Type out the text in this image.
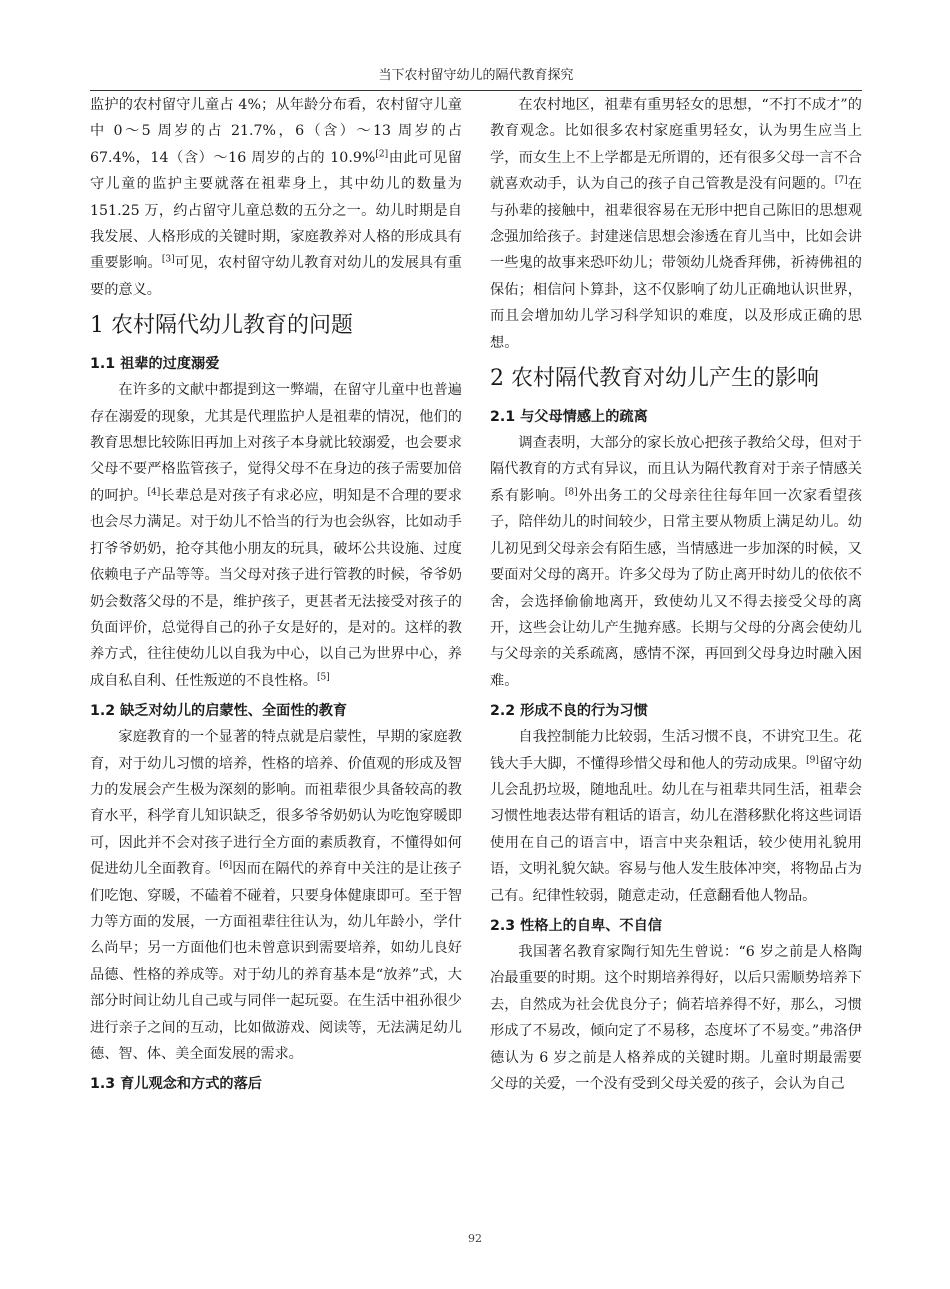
当下农村留守幼儿的隔代教育探究

监护的农村留守儿童占 4%；从年龄分布看，农村留守儿童中 0～5 周岁的占 21.7%，6（含）～13 周岁的占 67.4%，14（含）～16 周岁的占的 10.9%[2]由此可见留守儿童的监护主要就落在祖辈身上，其中幼儿的数量为 151.25 万，约占留守儿童总数的五分之一。幼儿时期是自我发展、人格形成的关键时期，家庭教养对人格的形成具有重要影响。[3]可见，农村留守幼儿教育对幼儿的发展具有重要的意义。

1 农村隔代幼儿教育的问题
1.1 祖辈的过度溺爱

在许多的文献中都提到这一弊端，在留守儿童中也普遍存在溺爱的现象，尤其是代理监护人是祖辈的情况，他们的教育思想比较陈旧再加上对孩子本身就比较溺爱，也会要求父母不要严格监管孩子，觉得父母不在身边的孩子需要加倍的呵护。[4]长辈总是对孩子有求必应，明知是不合理的要求也会尽力满足。对于幼儿不恰当的行为也会纵容，比如动手打爷爷奶奶，抢夺其他小朋友的玩具，破坏公共设施、过度依赖电子产品等等。当父母对孩子进行管教的时候，爷爷奶奶会数落父母的不是，维护孩子，更甚者无法接受对孩子的负面评价，总觉得自己的孙子女是好的，是对的。这样的教养方式，往往使幼儿以自我为中心，以自己为世界中心，养成自私自利、任性叛逆的不良性格。[5]

1.2 缺乏对幼儿的启蒙性、全面性的教育

家庭教育的一个显著的特点就是启蒙性，早期的家庭教育，对于幼儿习惯的培养，性格的培养、价值观的形成及智力的发展会产生极为深刻的影响。而祖辈很少具备较高的教育水平，科学育儿知识缺乏，很多爷爷奶奶认为吃饱穿暖即可，因此并不会对孩子进行全方面的素质教育，不懂得如何促进幼儿全面教育。[6]因而在隔代的养育中关注的是让孩子们吃饱、穿暖，不磕着不碰着，只要身体健康即可。至于智力等方面的发展，一方面祖辈往往认为，幼儿年龄小，学什么尚早；另一方面他们也未曾意识到需要培养，如幼儿良好品德、性格的养成等。对于幼儿的养育基本是“放养”式，大部分时间让幼儿自己或与同伴一起玩耍。在生活中祖孙很少进行亲子之间的互动，比如做游戏、阅读等，无法满足幼儿德、智、体、美全面发展的需求。

1.3 育儿观念和方式的落后

在农村地区，祖辈有重男轻女的思想，“不打不成才”的教育观念。比如很多农村家庭重男轻女，认为男生应当上学，而女生上不上学都是无所谓的，还有很多父母一言不合就喜欢动手，认为自己的孩子自己管教是没有问题的。[7]在与孙辈的接触中，祖辈很容易在无形中把自己陈旧的思想观念强加给孩子。封建迷信思想会渗透在育儿当中，比如会讲一些鬼的故事来恐吓幼儿；带领幼儿烧香拜佛，祈祷佛祖的保佑；相信问卜算卦，这不仅影响了幼儿正确地认识世界，而且会增加幼儿学习科学知识的难度，以及形成正确的思想。

2 农村隔代教育对幼儿产生的影响
2.1 与父母情感上的疏离

调查表明，大部分的家长放心把孩子教给父母，但对于隔代教育的方式有异议，而且认为隔代教育对于亲子情感关系有影响。[8]外出务工的父母亲往往每年回一次家看望孩子，陪伴幼儿的时间较少，日常主要从物质上满足幼儿。幼儿初见到父母亲会有陌生感，当情感进一步加深的时候，又要面对父母的离开。许多父母为了防止离开时幼儿的依依不舍，会选择偷偷地离开，致使幼儿又不得去接受父母的离开，这些会让幼儿产生抛弃感。长期与父母的分离会使幼儿与父母亲的关系疏离，感情不深，再回到父母身边时融入困难。

2.2 形成不良的行为习惯

自我控制能力比较弱，生活习惯不良，不讲究卫生。花钱大手大脚，不懂得珍惜父母和他人的劳动成果。[9]留守幼儿会乱扔垃圾，随地乱吐。幼儿在与祖辈共同生活，祖辈会习惯性地表达带有粗话的语言，幼儿在潜移默化将这些词语使用在自己的语言中，语言中夹杂粗话，较少使用礼貌用语，文明礼貌欠缺。容易与他人发生肢体冲突，将物品占为己有。纪律性较弱，随意走动，任意翻看他人物品。

2.3 性格上的自卑、不自信

我国著名教育家陶行知先生曾说：“6 岁之前是人格陶冶最重要的时期。这个时期培养得好，以后只需顺势培养下去，自然成为社会优良分子；倘若培养得不好，那么，习惯形成了不易改，倾向定了不易移，态度坏了不易变。”弗洛伊德认为 6 岁之前是人格养成的关键时期。儿童时期最需要父母的关爱，一个没有受到父母关爱的孩子，会认为自己

92
